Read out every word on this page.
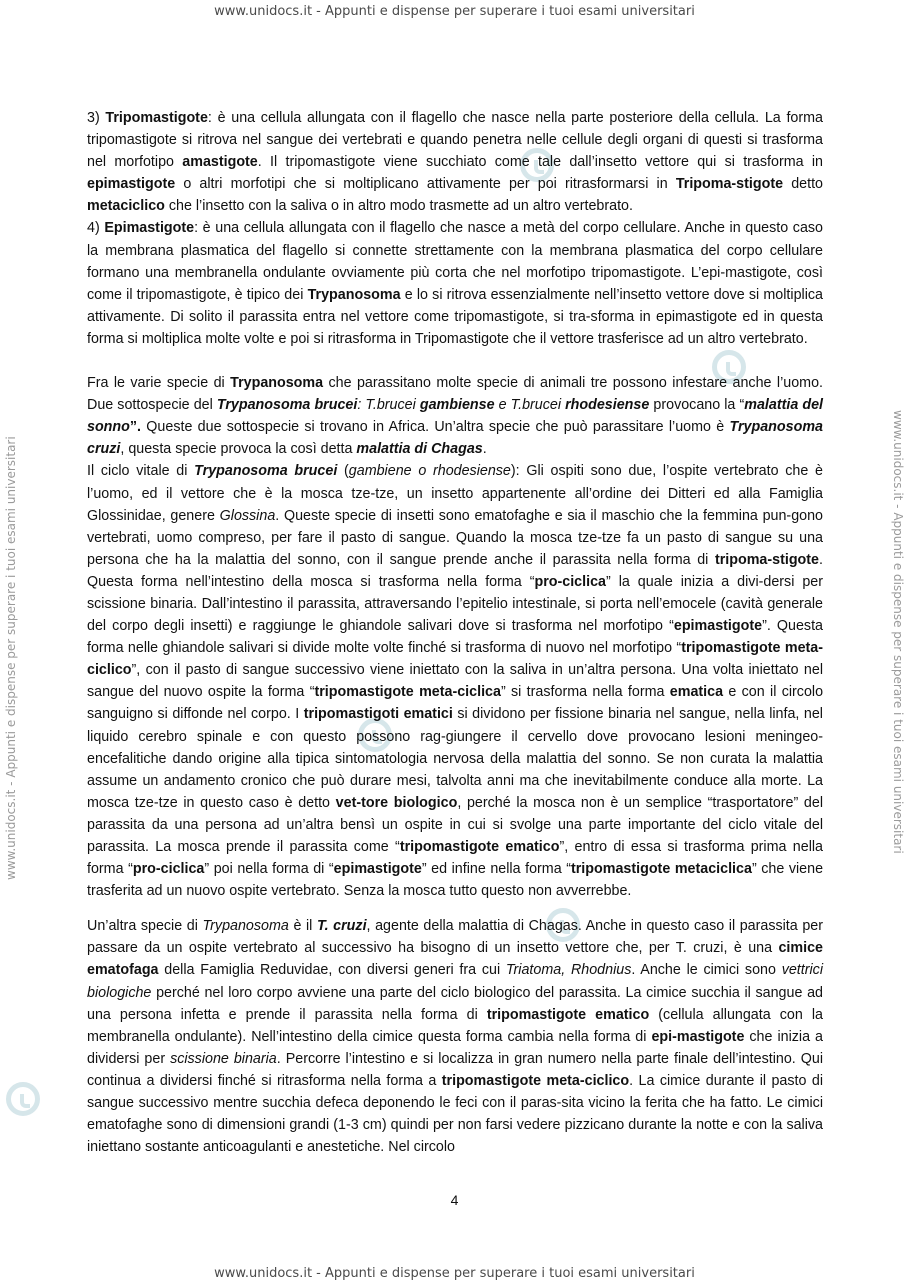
www.unidocs.it - Appunti e dispense per superare i tuoi esami universitari
www.unidocs.it - Appunti e dispense per superare i tuoi esami universitari	www.unidocs.it - Appunti e dispense per superare i tuoi esami universitari

3) Tripomastigote: è una cellula allungata con il flagello che nasce nella parte posteriore della cellula. La forma tripomastigote si ritrova nel sangue dei vertebrati e quando penetra nelle cellule degli organi di questi si trasforma nel morfotipo amastigote. Il tripomastigote viene succhiato come tale dall’insetto vettore qui si trasforma in epimastigote o altri morfotipi che si moltiplicano attivamente per poi ritrasformarsi in Tripoma-stigote detto metaciclico che l’insetto con la saliva o in altro modo trasmette ad un altro vertebrato.

4) Epimastigote: è una cellula allungata con il flagello che nasce a metà del corpo cellulare. Anche in questo caso la membrana plasmatica del flagello si connette strettamente con la membrana plasmatica del corpo cellulare formano una membranella ondulante ovviamente più corta che nel morfotipo tripomastigote. L’epi-mastigote, così come il tripomastigote, è tipico dei Trypanosoma e lo si ritrova essenzialmente nell’insetto vettore dove si moltiplica attivamente. Di solito il parassita entra nel vettore come tripomastigote, si tra-sforma in epimastigote ed in questa forma si moltiplica molte volte e poi si ritrasforma in Tripomastigote che il vettore trasferisce ad un altro vertebrato.

Fra le varie specie di Trypanosoma che parassitano molte specie di animali tre possono infestare anche l’uomo. Due sottospecie del Trypanosoma brucei: T.brucei gambiense e T.brucei rhodesiense provocano la “malattia del sonno”. Queste due sottospecie si trovano in Africa. Un’altra specie che può parassitare l’uomo è Trypanosoma cruzi, questa specie provoca la così detta malattia di Chagas.

Il ciclo vitale di Trypanosoma brucei (gambiene o rhodesiense): Gli ospiti sono due, l’ospite vertebrato che è l’uomo, ed il vettore che è la mosca tze-tze, un insetto appartenente all’ordine dei Ditteri ed alla Famiglia Glossinidae, genere Glossina. Queste specie di insetti sono ematofaghe e sia il maschio che la femmina pun-gono vertebrati, uomo compreso, per fare il pasto di sangue. Quando la mosca tze-tze fa un pasto di sangue su una persona che ha la malattia del sonno, con il sangue prende anche il parassita nella forma di tripoma-stigote. Questa forma nell’intestino della mosca si trasforma nella forma “pro-ciclica” la quale inizia a divi-dersi per scissione binaria. Dall’intestino il parassita, attraversando l’epitelio intestinale, si porta nell’emocele (cavità generale del corpo degli insetti) e raggiunge le ghiandole salivari dove si trasforma nel morfotipo “epimastigote”. Questa forma nelle ghiandole salivari si divide molte volte finché si trasforma di nuovo nel morfotipo “tripomastigote meta-ciclico”, con il pasto di sangue successivo viene iniettato con la saliva in un’altra persona. Una volta iniettato nel sangue del nuovo ospite la forma “tripomastigote meta-ciclica” si trasforma nella forma ematica e con il circolo sanguigno si diffonde nel corpo. I tripomastigoti ematici si dividono per fissione binaria nel sangue, nella linfa, nel liquido cerebro spinale e con questo possono rag-giungere il cervello dove provocano lesioni meningeo-encefalitiche dando origine alla tipica sintomatologia nervosa della malattia del sonno. Se non curata la malattia assume un andamento cronico che può durare mesi, talvolta anni ma che inevitabilmente conduce alla morte. La mosca tze-tze in questo caso è detto vet-tore biologico, perché la mosca non è un semplice “trasportatore” del parassita da una persona ad un’altra bensì un ospite in cui si svolge una parte importante del ciclo vitale del parassita. La mosca prende il parassita come “tripomastigote ematico”, entro di essa si trasforma prima nella forma “pro-ciclica” poi nella forma di “epimastigote” ed infine nella forma “tripomastigote metaciclica” che viene trasferita ad un nuovo ospite vertebrato. Senza la mosca tutto questo non avverrebbe.

Un’altra specie di Trypanosoma è il T. cruzi, agente della malattia di Chagas. Anche in questo caso il parassita per passare da un ospite vertebrato al successivo ha bisogno di un insetto vettore che, per T. cruzi, è una cimice ematofaga della Famiglia Reduvidae, con diversi generi fra cui Triatoma, Rhodnius. Anche le cimici sono vettrici biologiche perché nel loro corpo avviene una parte del ciclo biologico del parassita. La cimice succhia il sangue ad una persona infetta e prende il parassita nella forma di tripomastigote ematico (cellula allungata con la membranella ondulante). Nell’intestino della cimice questa forma cambia nella forma di epi-mastigote che inizia a dividersi per scissione binaria. Percorre l’intestino e si localizza in gran numero nella parte finale dell’intestino. Qui continua a dividersi finché si ritrasforma nella forma a tripomastigote meta-ciclico. La cimice durante il pasto di sangue successivo mentre succhia defeca deponendo le feci con il paras-sita vicino la ferita che ha fatto. Le cimici ematofaghe sono di dimensioni grandi (1-3 cm) quindi per non farsi vedere pizzicano durante la notte e con la saliva iniettano sostante anticoagulanti e anestetiche. Nel circolo

4
www.unidocs.it - Appunti e dispense per superare i tuoi esami universitari
